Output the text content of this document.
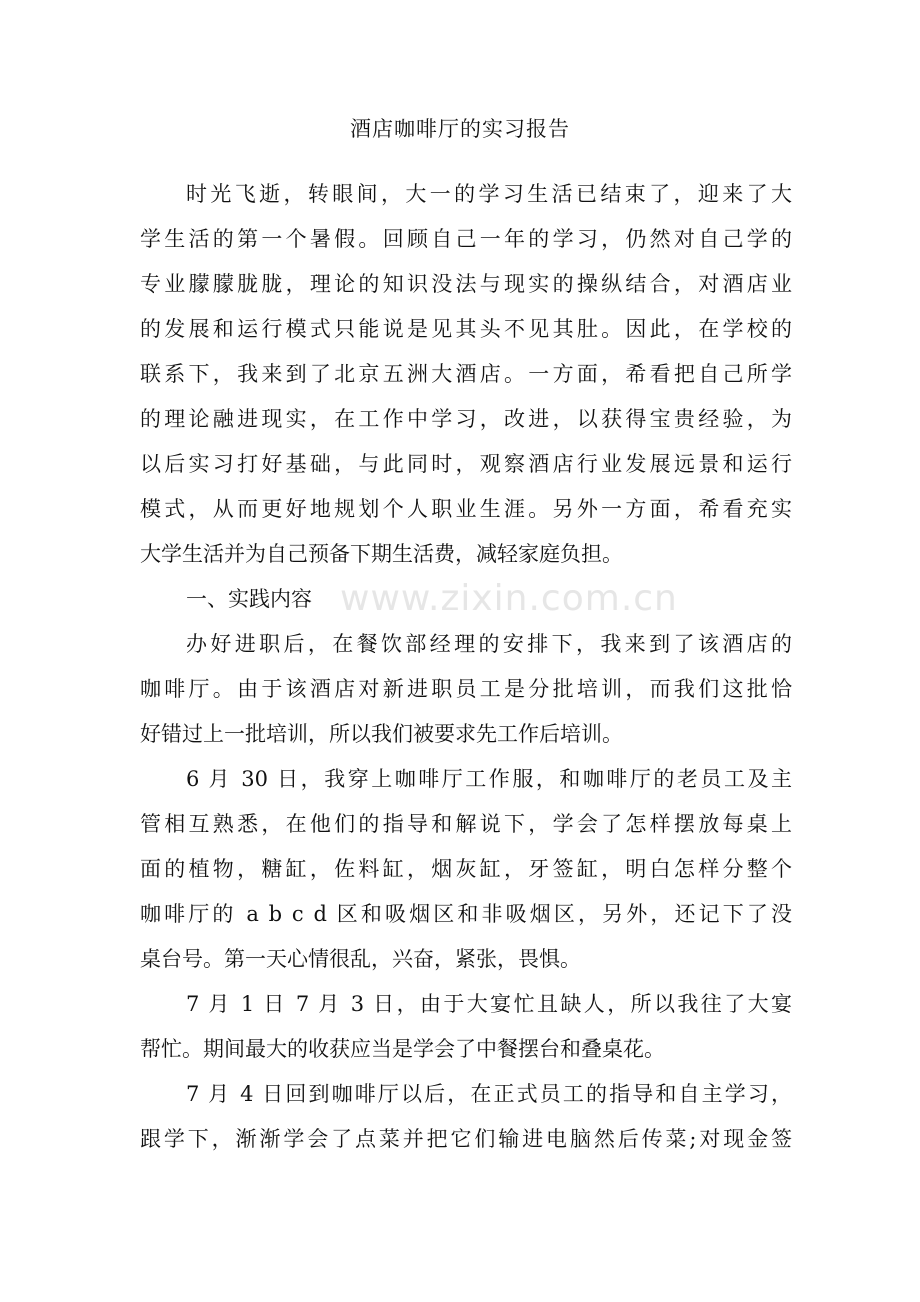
www.zixin.com.cn
酒店咖啡厅的实习报告
时光飞逝，转眼间，大一的学习生活已结束了，迎来了大
学生活的第一个暑假。回顾自己一年的学习，仍然对自己学的
专业朦朦胧胧，理论的知识没法与现实的操纵结合，对酒店业
的发展和运行模式只能说是见其头不见其肚。因此，在学校的
联系下，我来到了北京五洲大酒店。一方面，希看把自己所学
的理论融进现实，在工作中学习，改进，以获得宝贵经验，为
以后实习打好基础，与此同时，观察酒店行业发展远景和运行
模式，从而更好地规划个人职业生涯。另外一方面，希看充实
大学生活并为自己预备下期生活费，减轻家庭负担。
一、实践内容
办好进职后，在餐饮部经理的安排下，我来到了该酒店的
咖啡厅。由于该酒店对新进职员工是分批培训，而我们这批恰
好错过上一批培训，所以我们被要求先工作后培训。
6 月 30 日，我穿上咖啡厅工作服，和咖啡厅的老员工及主
管相互熟悉，在他们的指导和解说下，学会了怎样摆放每桌上
面的植物，糖缸，佐料缸，烟灰缸，牙签缸，明白怎样分整个
咖啡厅的 a b c d 区和吸烟区和非吸烟区，另外，还记下了没
桌台号。第一天心情很乱，兴奋，紧张，畏惧。
7 月 1 日 7 月 3 日，由于大宴忙且缺人，所以我往了大宴
帮忙。期间最大的收获应当是学会了中餐摆台和叠桌花。
7 月 4 日回到咖啡厅以后，在正式员工的指导和自主学习，
跟学下，渐渐学会了点菜并把它们输进电脑然后传菜;对现金签
